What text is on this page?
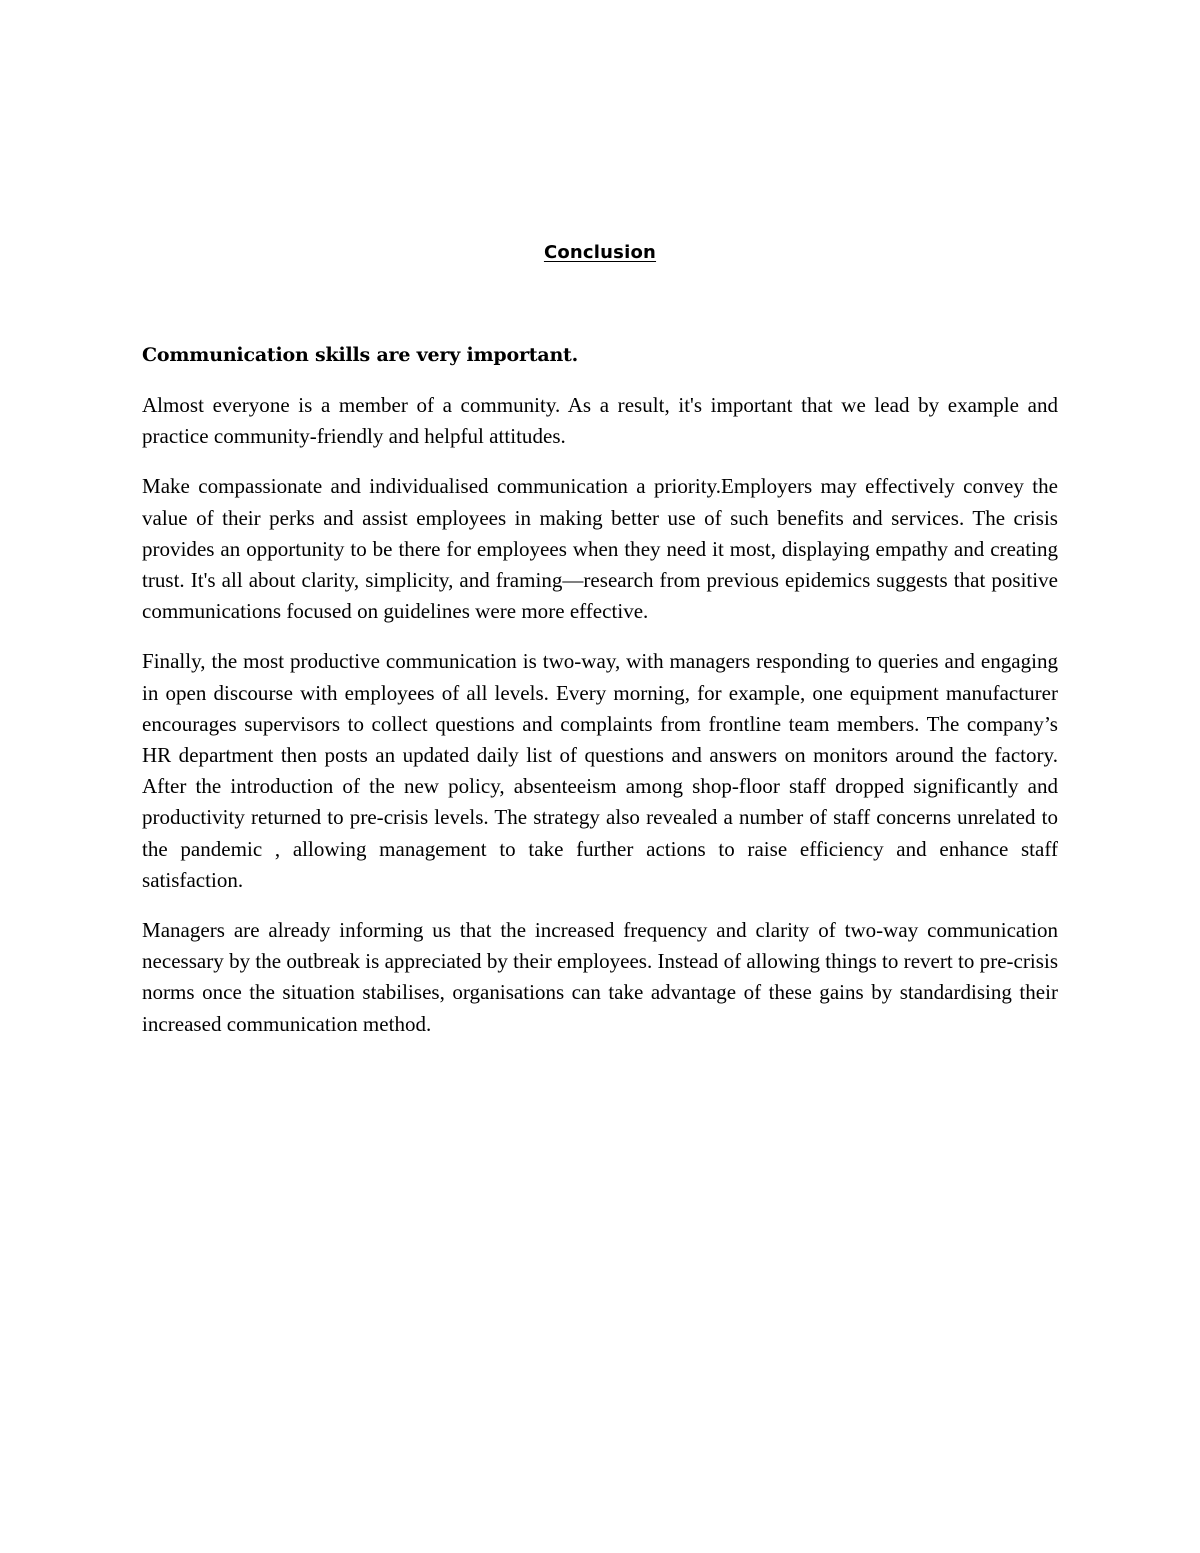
Conclusion

Communication skills are very important.

Almost everyone is a member of a community. As a result, it's important that we lead by example and practice community-friendly and helpful attitudes.

Make compassionate and individualised communication a priority.Employers may effectively convey the value of their perks and assist employees in making better use of such benefits and services. The crisis provides an opportunity to be there for employees when they need it most, displaying empathy and creating trust. It's all about clarity, simplicity, and framing—research from previous epidemics suggests that positive communications focused on guidelines were more effective.

Finally, the most productive communication is two-way, with managers responding to queries and engaging in open discourse with employees of all levels. Every morning, for example, one equipment manufacturer encourages supervisors to collect questions and complaints from frontline team members. The company’s HR department then posts an updated daily list of questions and answers on monitors around the factory. After the introduction of the new policy, absenteeism among shop-floor staff dropped significantly and productivity returned to pre-crisis levels. The strategy also revealed a number of staff concerns unrelated to the pandemic , allowing management to take further actions to raise efficiency and enhance staff satisfaction.

Managers are already informing us that the increased frequency and clarity of two-way communication necessary by the outbreak is appreciated by their employees. Instead of allowing things to revert to pre-crisis norms once the situation stabilises, organisations can take advantage of these gains by standardising their increased communication method.
